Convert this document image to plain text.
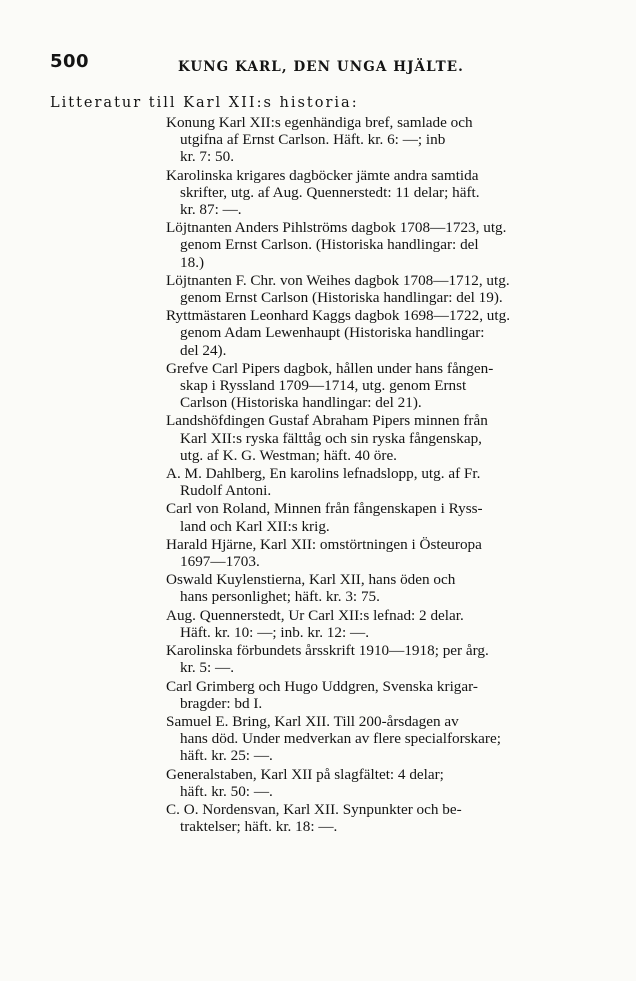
500	KUNG KARL, DEN UNGA HJÄLTE.
Litteratur till Karl XII:s historia:
Konung Karl XII:s egenhändiga bref, samlade och
utgifna af Ernst Carlson. Häft. kr. 6: —; inb
kr. 7: 50.
Karolinska krigares dagböcker jämte andra samtida
skrifter, utg. af Aug. Quennerstedt: 11 delar; häft.
kr. 87: —.
Löjtnanten Anders Pihlströms dagbok 1708—1723, utg.
genom Ernst Carlson. (Historiska handlingar: del
18.)
Löjtnanten F. Chr. von Weihes dagbok 1708—1712, utg.
genom Ernst Carlson (Historiska handlingar: del 19).
Ryttmästaren Leonhard Kaggs dagbok 1698—1722, utg.
genom Adam Lewenhaupt (Historiska handlingar:
del 24).
Grefve Carl Pipers dagbok, hållen under hans fången-
skap i Ryssland 1709—1714, utg. genom Ernst
Carlson (Historiska handlingar: del 21).
Landshöfdingen Gustaf Abraham Pipers minnen från
Karl XII:s ryska fälttåg och sin ryska fångenskap,
utg. af K. G. Westman; häft. 40 öre.
A. M. Dahlberg, En karolins lefnadslopp, utg. af Fr.
Rudolf Antoni.
Carl von Roland, Minnen från fångenskapen i Ryss-
land och Karl XII:s krig.
Harald Hjärne, Karl XII: omstörtningen i Östeuropa
1697—1703.
Oswald Kuylenstierna, Karl XII, hans öden och
hans personlighet; häft. kr. 3: 75.
Aug. Quennerstedt, Ur Carl XII:s lefnad: 2 delar.
Häft. kr. 10: —; inb. kr. 12: —.
Karolinska förbundets årsskrift 1910—1918; per årg.
kr. 5: —.
Carl Grimberg och Hugo Uddgren, Svenska krigar-
bragder: bd I.
Samuel E. Bring, Karl XII. Till 200-årsdagen av
hans död. Under medverkan av flere specialforskare;
häft. kr. 25: —.
Generalstaben, Karl XII på slagfältet: 4 delar;
häft. kr. 50: —.
C. O. Nordensvan, Karl XII. Synpunkter och be-
traktelser; häft. kr. 18: —.
